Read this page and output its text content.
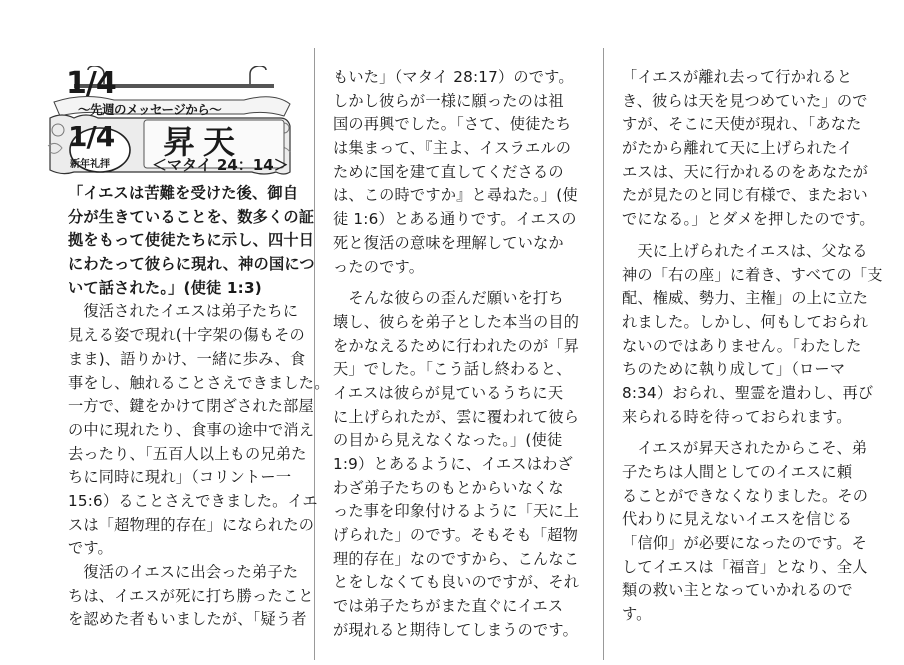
1/4
〜先週のメッセージから〜
1/4
新年礼拝
昇天
＜マタイ 24：14＞
「イエスは苦難を受けた後、御自
分が生きていることを、数多くの証
拠をもって使徒たちに示し、四十日
にわたって彼らに現れ、神の国につ
いて話された。」(使徒 1:3)
　復活されたイエスは弟子たちに
見える姿で現れ(十字架の傷もその
まま)、語りかけ、一緒に歩み、食
事をし、触れることさえできました。
一方で、鍵をかけて閉ざされた部屋
の中に現れたり、食事の途中で消え
去ったり、「五百人以上もの兄弟た
ちに同時に現れ」（コリントー一
15:6）ることさえできました。イエ
スは「超物理的存在」になられたの
です。
　復活のイエスに出会った弟子た
ちは、イエスが死に打ち勝ったこと
を認めた者もいましたが、「疑う者
もいた」（マタイ 28:17）のです。
しかし彼らが一様に願ったのは祖
国の再興でした。「さて、使徒たち
は集まって、『主よ、イスラエルの
ために国を建て直してくださるの
は、この時ですか』と尋ねた。」(使
徒 1:6）とある通りです。イエスの
死と復活の意味を理解していなか
ったのです。
　そんな彼らの歪んだ願いを打ち
壊し、彼らを弟子とした本当の目的
をかなえるために行われたのが「昇
天」でした。「こう話し終わると、
イエスは彼らが見ているうちに天
に上げられたが、雲に覆われて彼ら
の目から見えなくなった。」(使徒
1:9）とあるように、イエスはわざ
わざ弟子たちのもとからいなくな
った事を印象付けるように「天に上
げられた」のです。そもそも「超物
理的存在」なのですから、こんなこ
とをしなくても良いのですが、それ
では弟子たちがまた直ぐにイエス
が現れると期待してしまうのです。
「イエスが離れ去って行かれると
き、彼らは天を見つめていた」ので
すが、そこに天使が現れ、「あなた
がたから離れて天に上げられたイ
エスは、天に行かれるのをあなたが
たが見たのと同じ有様で、またおい
でになる。」とダメを押したのです。
　天に上げられたイエスは、父なる
神の「右の座」に着き、すべての「支
配、権威、勢力、主権」の上に立た
れました。しかし、何もしておられ
ないのではありません。「わたした
ちのために執り成して」（ローマ
8:34）おられ、聖霊を遣わし、再び
来られる時を待っておられます。
　イエスが昇天されたからこそ、弟
子たちは人間としてのイエスに頼
ることができなくなりました。その
代わりに見えないイエスを信じる
「信仰」が必要になったのです。そ
してイエスは「福音」となり、全人
類の救い主となっていかれるので
す。
